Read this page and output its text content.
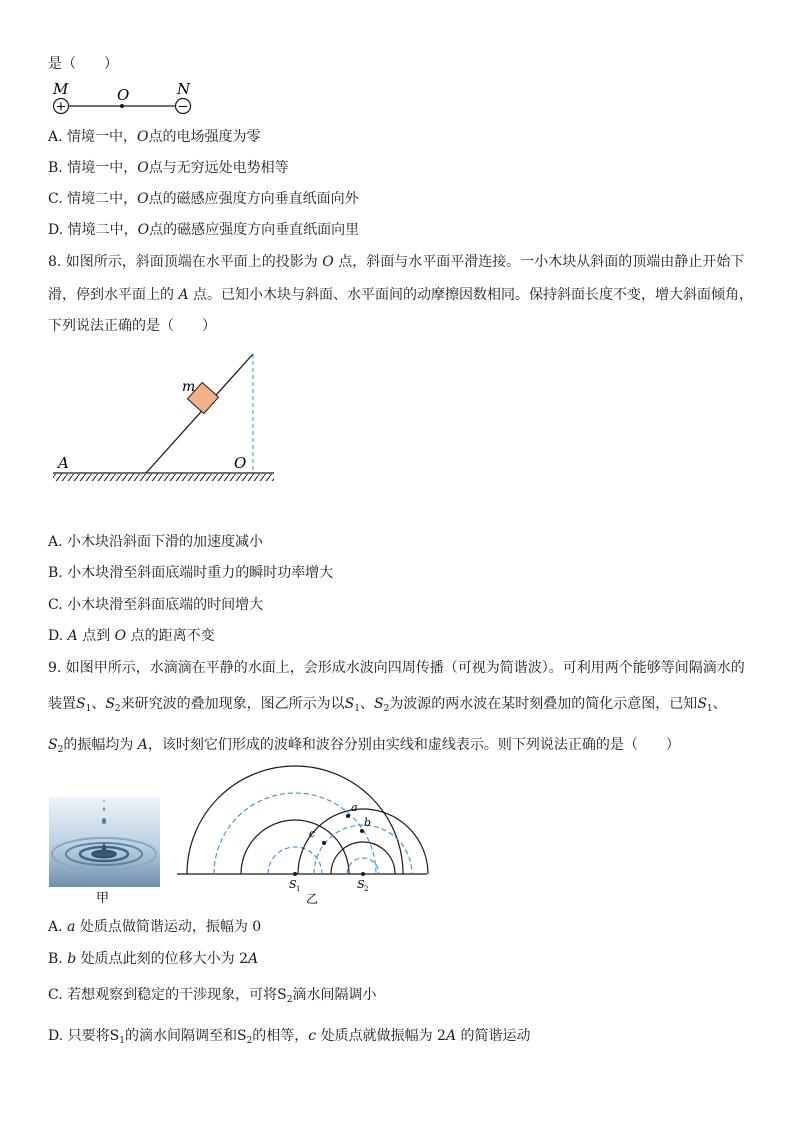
是（　　）
+	−
M	O	N
A. 情境一中，O点的电场强度为零
B. 情境一中，O点与无穷远处电势相等
C. 情境二中，O点的磁感应强度方向垂直纸面向外
D. 情境二中，O点的磁感应强度方向垂直纸面向里
8. 如图所示，斜面顶端在水平面上的投影为 O 点，斜面与水平面平滑连接。一小木块从斜面的顶端由静止开始下
滑，停到水平面上的 A 点。已知小木块与斜面、水平面间的动摩擦因数相同。保持斜面长度不变，增大斜面倾角，
下列说法正确的是（　　）
m
A	O
A. 小木块沿斜面下滑的加速度减小
B. 小木块滑至斜面底端时重力的瞬时功率增大
C. 小木块滑至斜面底端的时间增大
D. A 点到 O 点的距离不变
9. 如图甲所示，水滴滴在平静的水面上，会形成水波向四周传播（可视为简谐波）。可利用两个能够等间隔滴水的
装置$S_1$、$S_2$来研究波的叠加现象，图乙所示为以$S_1$、$S_2$为波源的两水波在某时刻叠加的简化示意图，已知$S_1$、
$S_2$的振幅均为 A，该时刻它们形成的波峰和波谷分别由实线和虚线表示。则下列说法正确的是（　　）
甲
a
b
c
S 1	S 2
乙
A. a 处质点做简谐运动，振幅为 0
B. b 处质点此刻的位移大小为 2A
C. 若想观察到稳定的干涉现象，可将$S_2$滴水间隔调小
D. 只要将$S_1$的滴水间隔调至和$S_2$的相等，c 处质点就做振幅为 2A 的简谐运动
